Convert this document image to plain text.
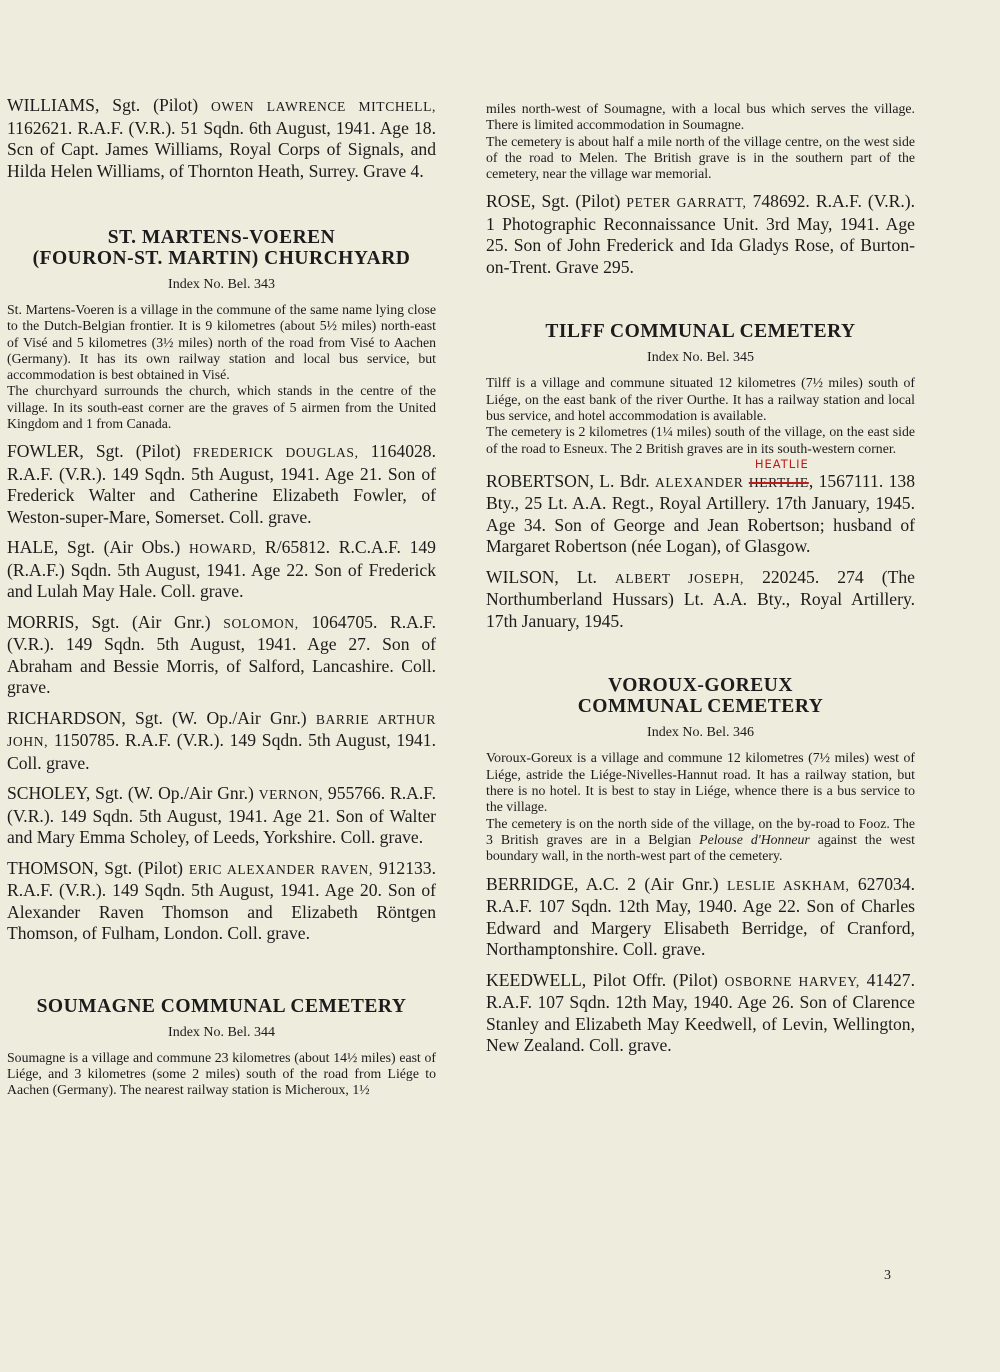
WILLIAMS, Sgt. (Pilot) OWEN LAWRENCE MITCHELL, 1162621. R.A.F. (V.R.). 51 Sqdn. 6th August, 1941. Age 18. Scn of Capt. James Williams, Royal Corps of Signals, and Hilda Helen Williams, of Thornton Heath, Surrey. Grave 4.

ST. MARTENS-VOEREN
(FOURON-ST. MARTIN) CHURCHYARD

Index No. Bel. 343

St. Martens-Voeren is a village in the commune of the same name lying close to the Dutch-Belgian frontier. It is 9 kilometres (about 5½ miles) north-east of Visé and 5 kilometres (3½ miles) north of the road from Visé to Aachen (Germany). It has its own railway station and local bus service, but accommodation is best obtained in Visé.

The churchyard surrounds the church, which stands in the centre of the village. In its south-east corner are the graves of 5 airmen from the United Kingdom and 1 from Canada.

FOWLER, Sgt. (Pilot) FREDERICK DOUGLAS, 1164028. R.A.F. (V.R.). 149 Sqdn. 5th August, 1941. Age 21. Son of Frederick Walter and Catherine Elizabeth Fowler, of Weston-super-Mare, Somerset. Coll. grave.

HALE, Sgt. (Air Obs.) HOWARD, R/65812. R.C.A.F. 149 (R.A.F.) Sqdn. 5th August, 1941. Age 22. Son of Frederick and Lulah May Hale. Coll. grave.

MORRIS, Sgt. (Air Gnr.) SOLOMON, 1064705. R.A.F. (V.R.). 149 Sqdn. 5th August, 1941. Age 27. Son of Abraham and Bessie Morris, of Salford, Lancashire. Coll. grave.

RICHARDSON, Sgt. (W. Op./Air Gnr.) BARRIE ARTHUR JOHN, 1150785. R.A.F. (V.R.). 149 Sqdn. 5th August, 1941. Coll. grave.

SCHOLEY, Sgt. (W. Op./Air Gnr.) VERNON, 955766. R.A.F. (V.R.). 149 Sqdn. 5th August, 1941. Age 21. Son of Walter and Mary Emma Scholey, of Leeds, Yorkshire. Coll. grave.

THOMSON, Sgt. (Pilot) ERIC ALEXANDER RAVEN, 912133. R.A.F. (V.R.). 149 Sqdn. 5th August, 1941. Age 20. Son of Alexander Raven Thomson and Elizabeth Röntgen Thomson, of Fulham, London. Coll. grave.

SOUMAGNE COMMUNAL CEMETERY

Index No. Bel. 344

Soumagne is a village and commune 23 kilometres (about 14½ miles) east of Liége, and 3 kilometres (some 2 miles) south of the road from Liége to Aachen (Germany). The nearest railway station is Micheroux, 1½

miles north-west of Soumagne, with a local bus which serves the village. There is limited accommodation in Soumagne.

The cemetery is about half a mile north of the village centre, on the west side of the road to Melen. The British grave is in the southern part of the cemetery, near the village war memorial.

ROSE, Sgt. (Pilot) PETER GARRATT, 748692. R.A.F. (V.R.). 1 Photographic Reconnaissance Unit. 3rd May, 1941. Age 25. Son of John Frederick and Ida Gladys Rose, of Burton-on-Trent. Grave 295.

TILFF COMMUNAL CEMETERY

Index No. Bel. 345

Tilff is a village and commune situated 12 kilometres (7½ miles) south of Liége, on the east bank of the river Ourthe. It has a railway station and local bus service, and hotel accommodation is available.

The cemetery is 2 kilometres (1¼ miles) south of the village, on the east side of the road to Esneux. The 2 British graves are in its south-western corner.

ROBERTSON, L. Bdr. ALEXANDER HERTLIE
HEATLIE
, 1567111. 138 Bty., 25 Lt. A.A. Regt., Royal Artillery. 17th January, 1945. Age 34. Son of George and Jean Robertson; husband of Margaret Robertson (née Logan), of Glasgow.

WILSON, Lt. ALBERT JOSEPH, 220245. 274 (The Northumberland Hussars) Lt. A.A. Bty., Royal Artillery. 17th January, 1945.

VOROUX-GOREUX
COMMUNAL CEMETERY

Index No. Bel. 346

Voroux-Goreux is a village and commune 12 kilometres (7½ miles) west of Liége, astride the Liége-Nivelles-Hannut road. It has a railway station, but there is no hotel. It is best to stay in Liége, whence there is a bus service to the village.

The cemetery is on the north side of the village, on the by-road to Fooz. The 3 British graves are in a Belgian Pelouse d'Honneur against the west boundary wall, in the north-west part of the cemetery.

BERRIDGE, A.C. 2 (Air Gnr.) LESLIE ASKHAM, 627034. R.A.F. 107 Sqdn. 12th May, 1940. Age 22. Son of Charles Edward and Margery Elisabeth Berridge, of Cranford, Northamptonshire. Coll. grave.

KEEDWELL, Pilot Offr. (Pilot) OSBORNE HARVEY, 41427. R.A.F. 107 Sqdn. 12th May, 1940. Age 26. Son of Clarence Stanley and Elizabeth May Keedwell, of Levin, Wellington, New Zealand. Coll. grave.

3
